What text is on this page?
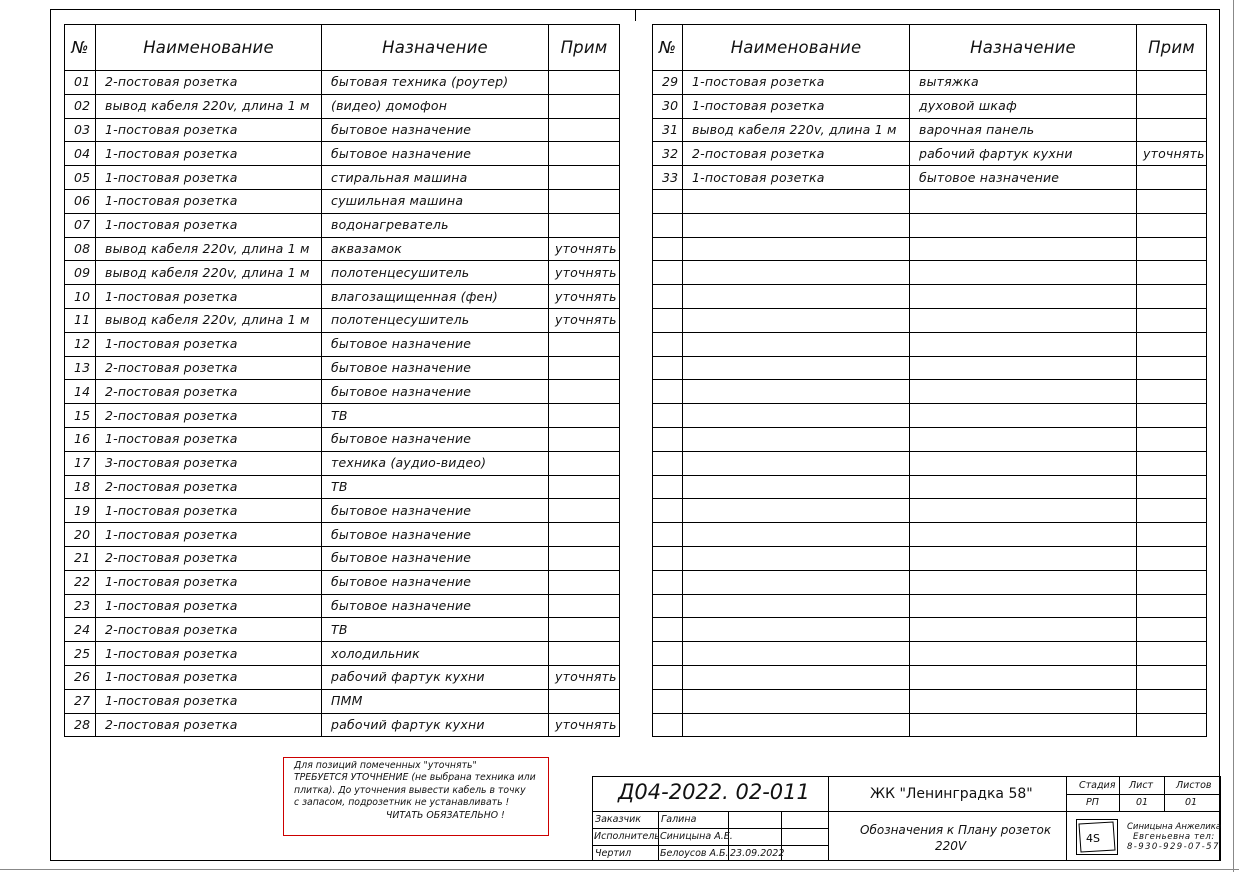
№	Наименование	Назначение	Прим
01	2-постовая розетка	бытовая техника (роутер)	
02	вывод кабеля 220v, длина 1 м	(видео) домофон	
03	1-постовая розетка	бытовое назначение	
04	1-постовая розетка	бытовое назначение	
05	1-постовая розетка	стиральная машина	
06	1-постовая розетка	сушильная машина	
07	1-постовая розетка	водонагреватель	
08	вывод кабеля 220v, длина 1 м	аквазамок	уточнять
09	вывод кабеля 220v, длина 1 м	полотенцесушитель	уточнять
10	1-постовая розетка	влагозащищенная (фен)	уточнять
11	вывод кабеля 220v, длина 1 м	полотенцесушитель	уточнять
12	1-постовая розетка	бытовое назначение	
13	2-постовая розетка	бытовое назначение	
14	2-постовая розетка	бытовое назначение	
15	2-постовая розетка	ТВ	
16	1-постовая розетка	бытовое назначение	
17	3-постовая розетка	техника (аудио-видео)	
18	2-постовая розетка	ТВ	
19	1-постовая розетка	бытовое назначение	
20	1-постовая розетка	бытовое назначение	
21	2-постовая розетка	бытовое назначение	
22	1-постовая розетка	бытовое назначение	
23	1-постовая розетка	бытовое назначение	
24	2-постовая розетка	ТВ	
25	1-постовая розетка	холодильник	
26	1-постовая розетка	рабочий фартук кухни	уточнять
27	1-постовая розетка	ПММ	
28	2-постовая розетка	рабочий фартук кухни	уточнять
№	Наименование	Назначение	Прим
29	1-постовая розетка	вытяжка	
30	1-постовая розетка	духовой шкаф	
31	вывод кабеля 220v, длина 1 м	варочная панель	
32	2-постовая розетка	рабочий фартук кухни	уточнять
33	1-постовая розетка	бытовое назначение	

Для позиций помеченных "уточнять"
ТРЕБУЕТСЯ УТОЧНЕНИЕ (не выбрана техника или
плитка). До уточнения вывести кабель в точку
с запасом, подрозетник не устанавливать !
ЧИТАТЬ ОБЯЗАТЕЛЬНО !
Д04-2022. 02-011	ЖК "Ленинградка 58"
Стадия Лист Листов
РП	01	01
Заказчик Галина
Исполнитель Синицына А.Е.
Чертил	Белоусов А.Б. 23.09.2022
Обозначения к Плану розеток
220V
4S
Синицына Анжелика
Евгеньевна тел:
8-930-929-07-57
